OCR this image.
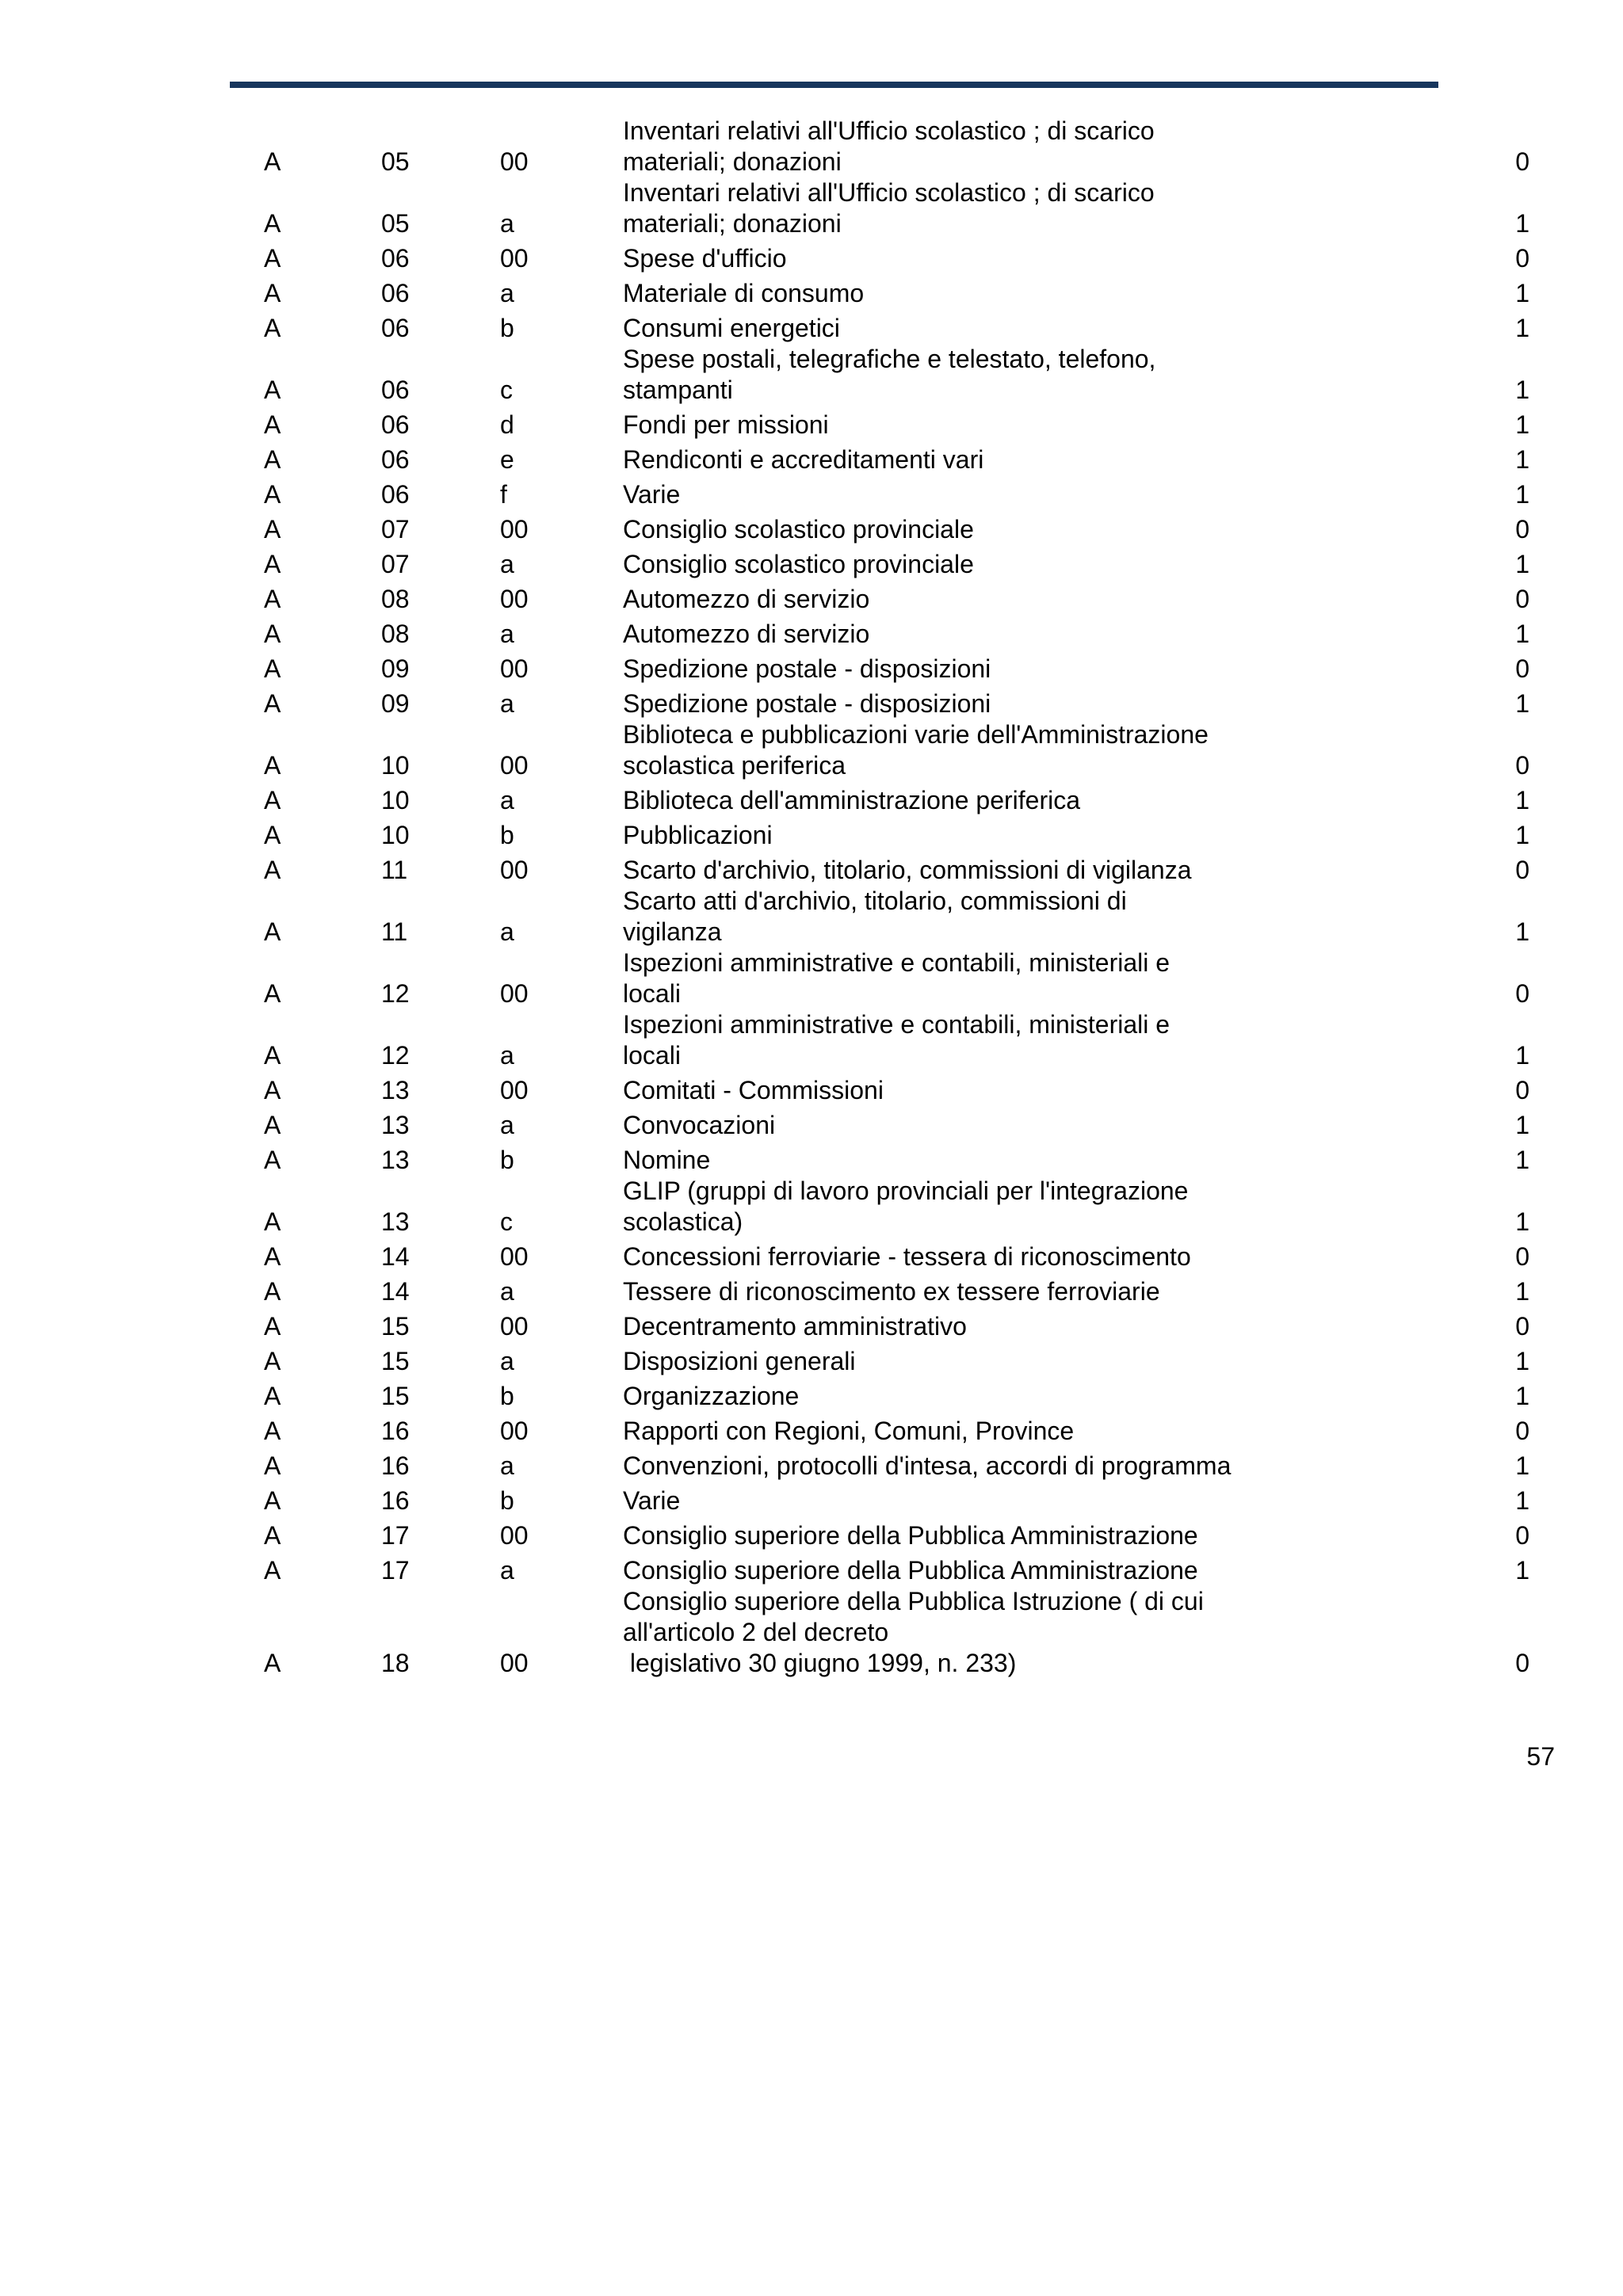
A	05	00	Inventari relativi all'Ufficio scolastico ; di scarico
materiali; donazioni	0
A	05	a	Inventari relativi all'Ufficio scolastico ; di scarico
materiali; donazioni	1
A	06	00	Spese d'ufficio	0
A	06	a	Materiale di consumo	1
A	06	b	Consumi energetici	1
A	06	c	Spese postali, telegrafiche e telestato, telefono,
stampanti	1
A	06	d	Fondi per missioni	1
A	06	e	Rendiconti e accreditamenti vari	1
A	06	f	Varie	1
A	07	00	Consiglio scolastico provinciale	0
A	07	a	Consiglio scolastico provinciale	1
A	08	00	Automezzo di servizio	0
A	08	a	Automezzo di servizio	1
A	09	00	Spedizione postale - disposizioni	0
A	09	a	Spedizione postale - disposizioni	1
A	10	00	Biblioteca e pubblicazioni varie dell'Amministrazione
scolastica periferica	0
A	10	a	Biblioteca dell'amministrazione periferica	1
A	10	b	Pubblicazioni	1
A	11	00	Scarto d'archivio, titolario, commissioni di vigilanza	0
A	11	a	Scarto atti d'archivio, titolario, commissioni di
vigilanza	1
A	12	00	Ispezioni amministrative e contabili, ministeriali e
locali	0
A	12	a	Ispezioni amministrative e contabili, ministeriali e
locali	1
A	13	00	Comitati - Commissioni	0
A	13	a	Convocazioni	1
A	13	b	Nomine	1
A	13	c	GLIP (gruppi di lavoro provinciali per l'integrazione
scolastica)	1
A	14	00	Concessioni ferroviarie - tessera di riconoscimento	0
A	14	a	Tessere di riconoscimento ex tessere ferroviarie	1
A	15	00	Decentramento amministrativo	0
A	15	a	Disposizioni generali	1
A	15	b	Organizzazione	1
A	16	00	Rapporti con Regioni, Comuni, Province	0
A	16	a	Convenzioni, protocolli d'intesa, accordi di programma	1
A	16	b	Varie	1
A	17	00	Consiglio superiore della Pubblica Amministrazione	0
A	17	a	Consiglio superiore della Pubblica Amministrazione	1
A	18	00	Consiglio superiore della Pubblica Istruzione ( di cui
all'articolo 2 del decreto
legislativo 30 giugno 1999, n. 233)	0
57
